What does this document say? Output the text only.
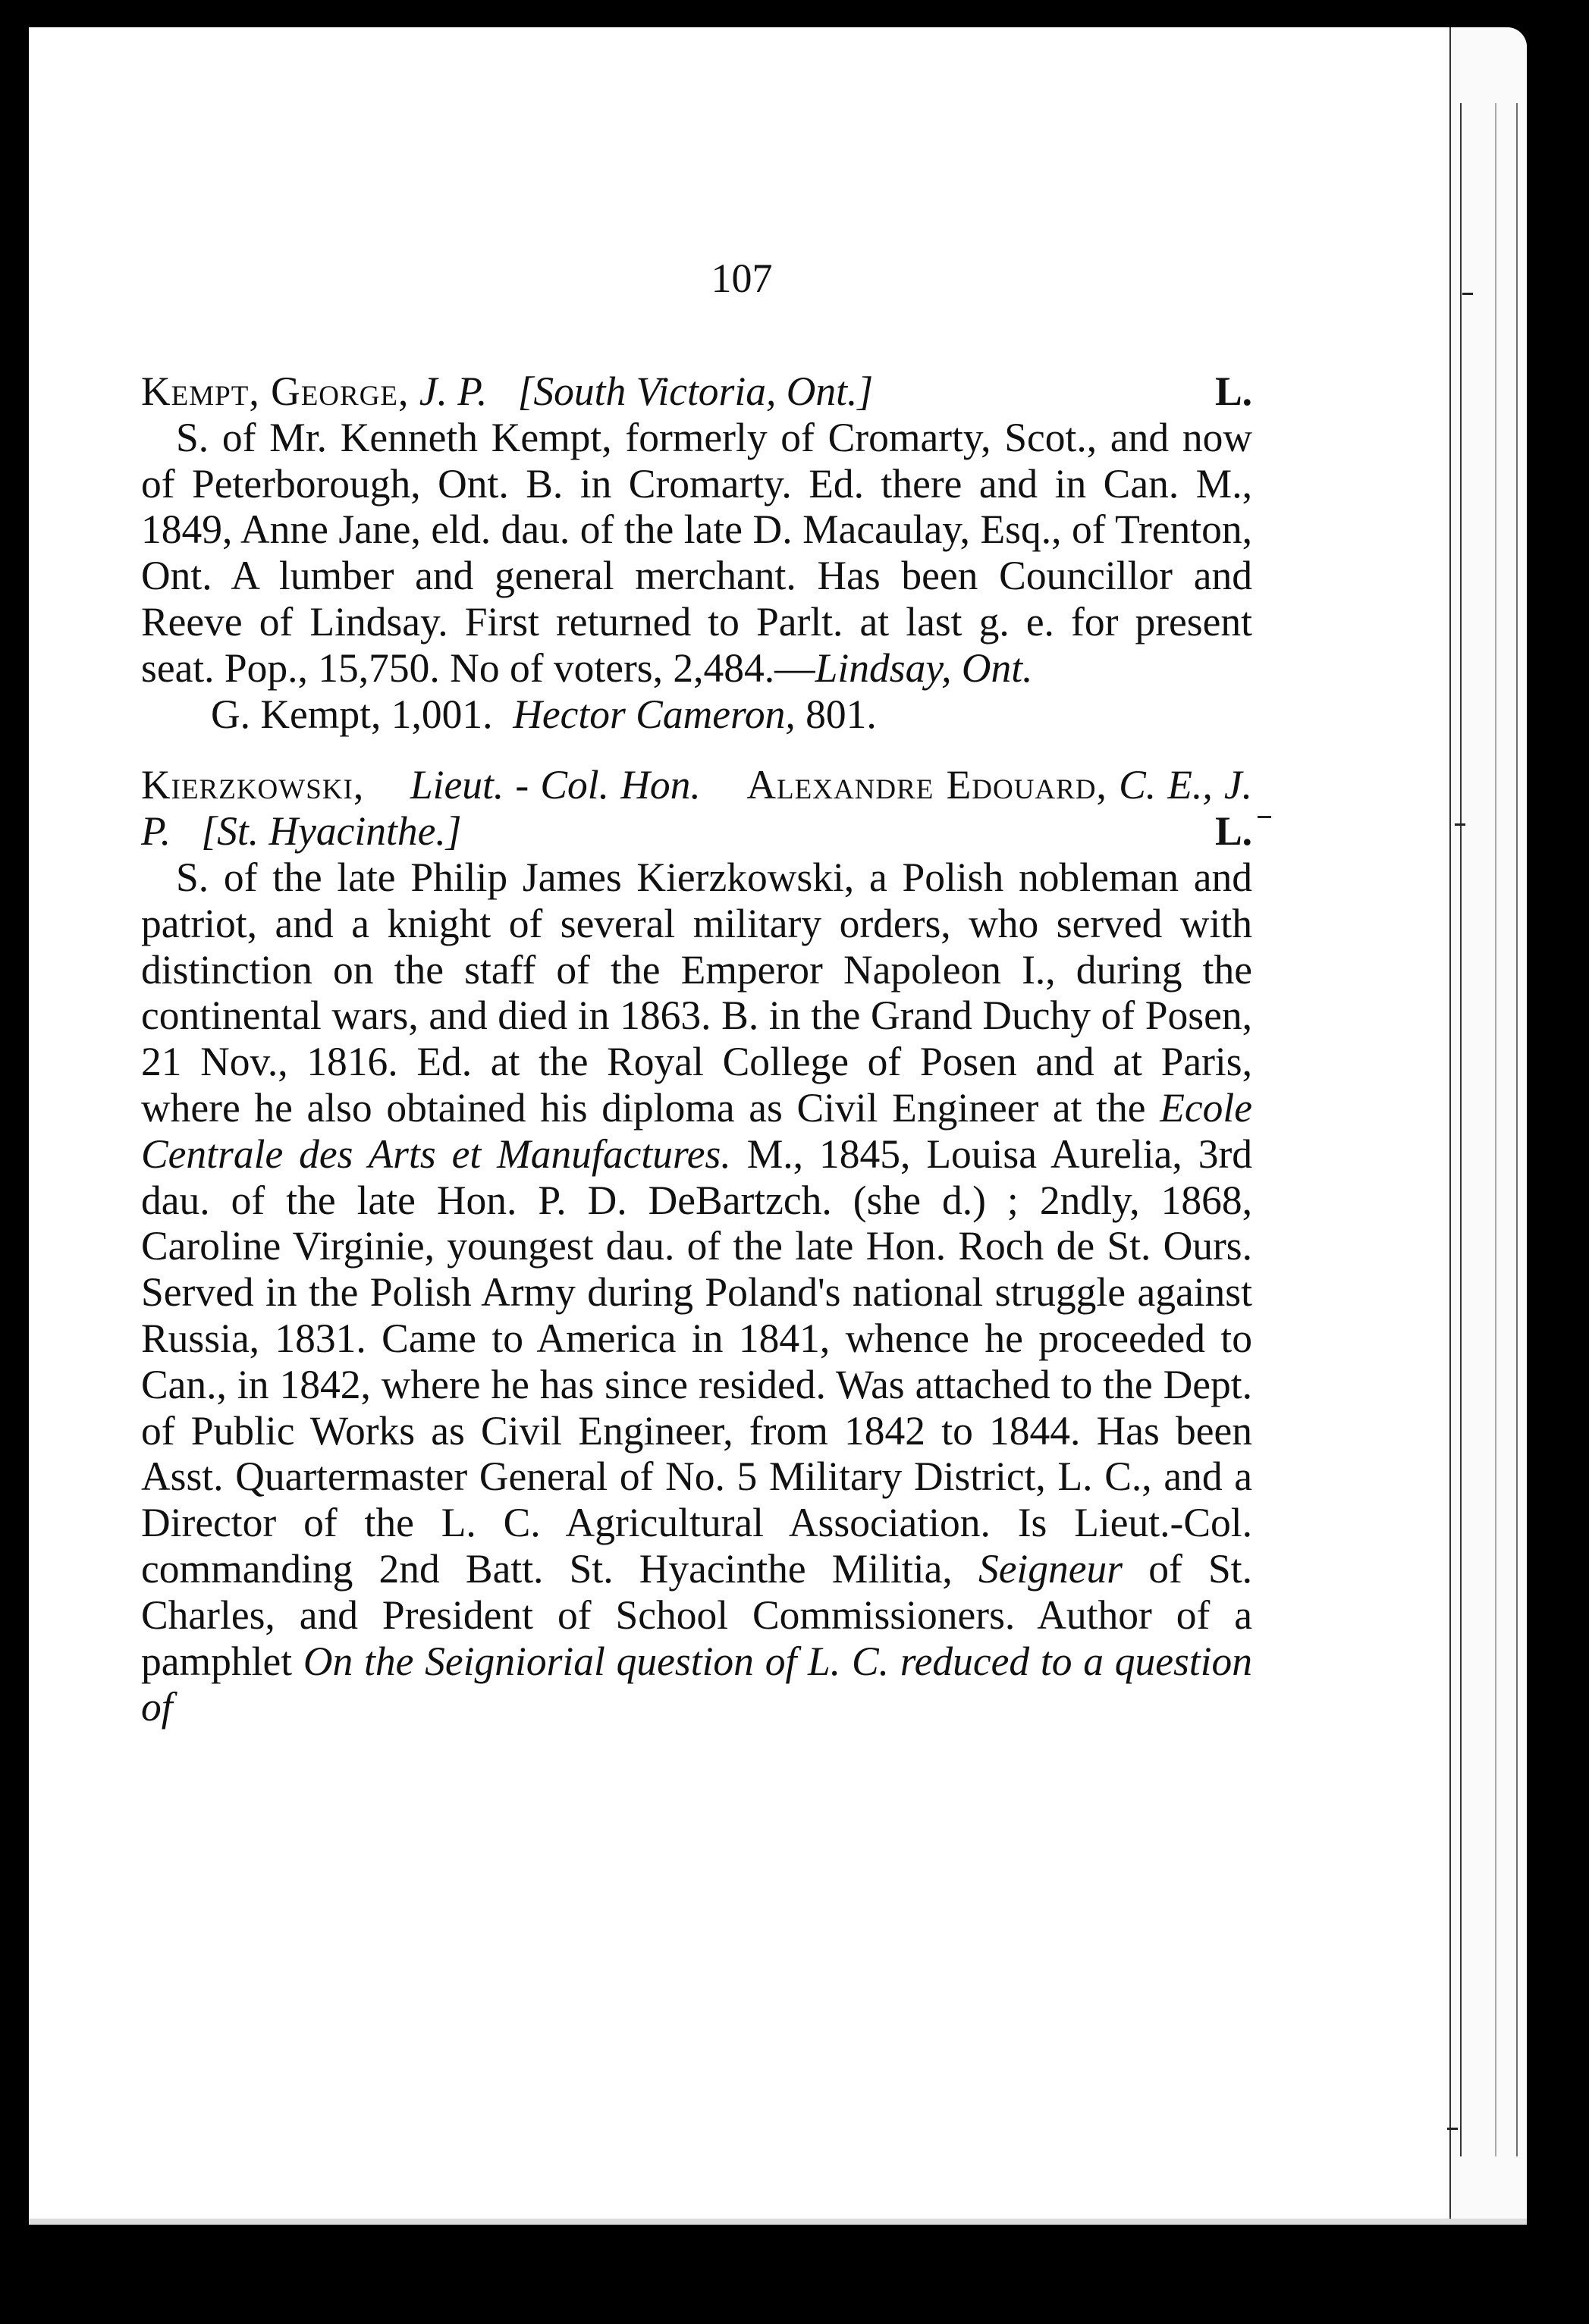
107
Kempt, George, J. P. [South Victoria, Ont.]	L.
S. of Mr. Kenneth Kempt, formerly of Cromarty, Scot., and now of Peterborough, Ont. B. in Cromarty. Ed. there and in Can. M., 1849, Anne Jane, eld. dau. of the late D. Macaulay, Esq., of Trenton, Ont. A lumber and general merchant. Has been Councillor and Reeve of Lindsay. First returned to Parlt. at last g. e. for present seat. Pop., 15,750. No of voters, 2,484.—Lindsay, Ont.
G. Kempt, 1,001. Hector Cameron, 801.
Kierzkowski, Lieut. - Col. Hon. Alexandre Edouard, C. E., J. P. [St. Hyacinthe.]	L.
S. of the late Philip James Kierzkowski, a Polish nobleman and patriot, and a knight of several military orders, who served with distinction on the staff of the Emperor Napoleon I., during the continental wars, and died in 1863. B. in the Grand Duchy of Posen, 21 Nov., 1816. Ed. at the Royal College of Posen and at Paris, where he also obtained his diploma as Civil Engineer at the Ecole Centrale des Arts et Manufactures. M., 1845, Louisa Aurelia, 3rd dau. of the late Hon. P. D. DeBartzch. (she d.) ; 2ndly, 1868, Caroline Virginie, youngest dau. of the late Hon. Roch de St. Ours. Served in the Polish Army during Poland's national struggle against Russia, 1831. Came to America in 1841, whence he proceeded to Can., in 1842, where he has since resided. Was attached to the Dept. of Public Works as Civil Engineer, from 1842 to 1844. Has been Asst. Quartermaster General of No. 5 Military District, L. C., and a Director of the L. C. Agricultural Association. Is Lieut.-Col. commanding 2nd Batt. St. Hyacinthe Militia, Seigneur of St. Charles, and President of School Commissioners. Author of a pamphlet On the Seigniorial question of L. C. reduced to a question of
